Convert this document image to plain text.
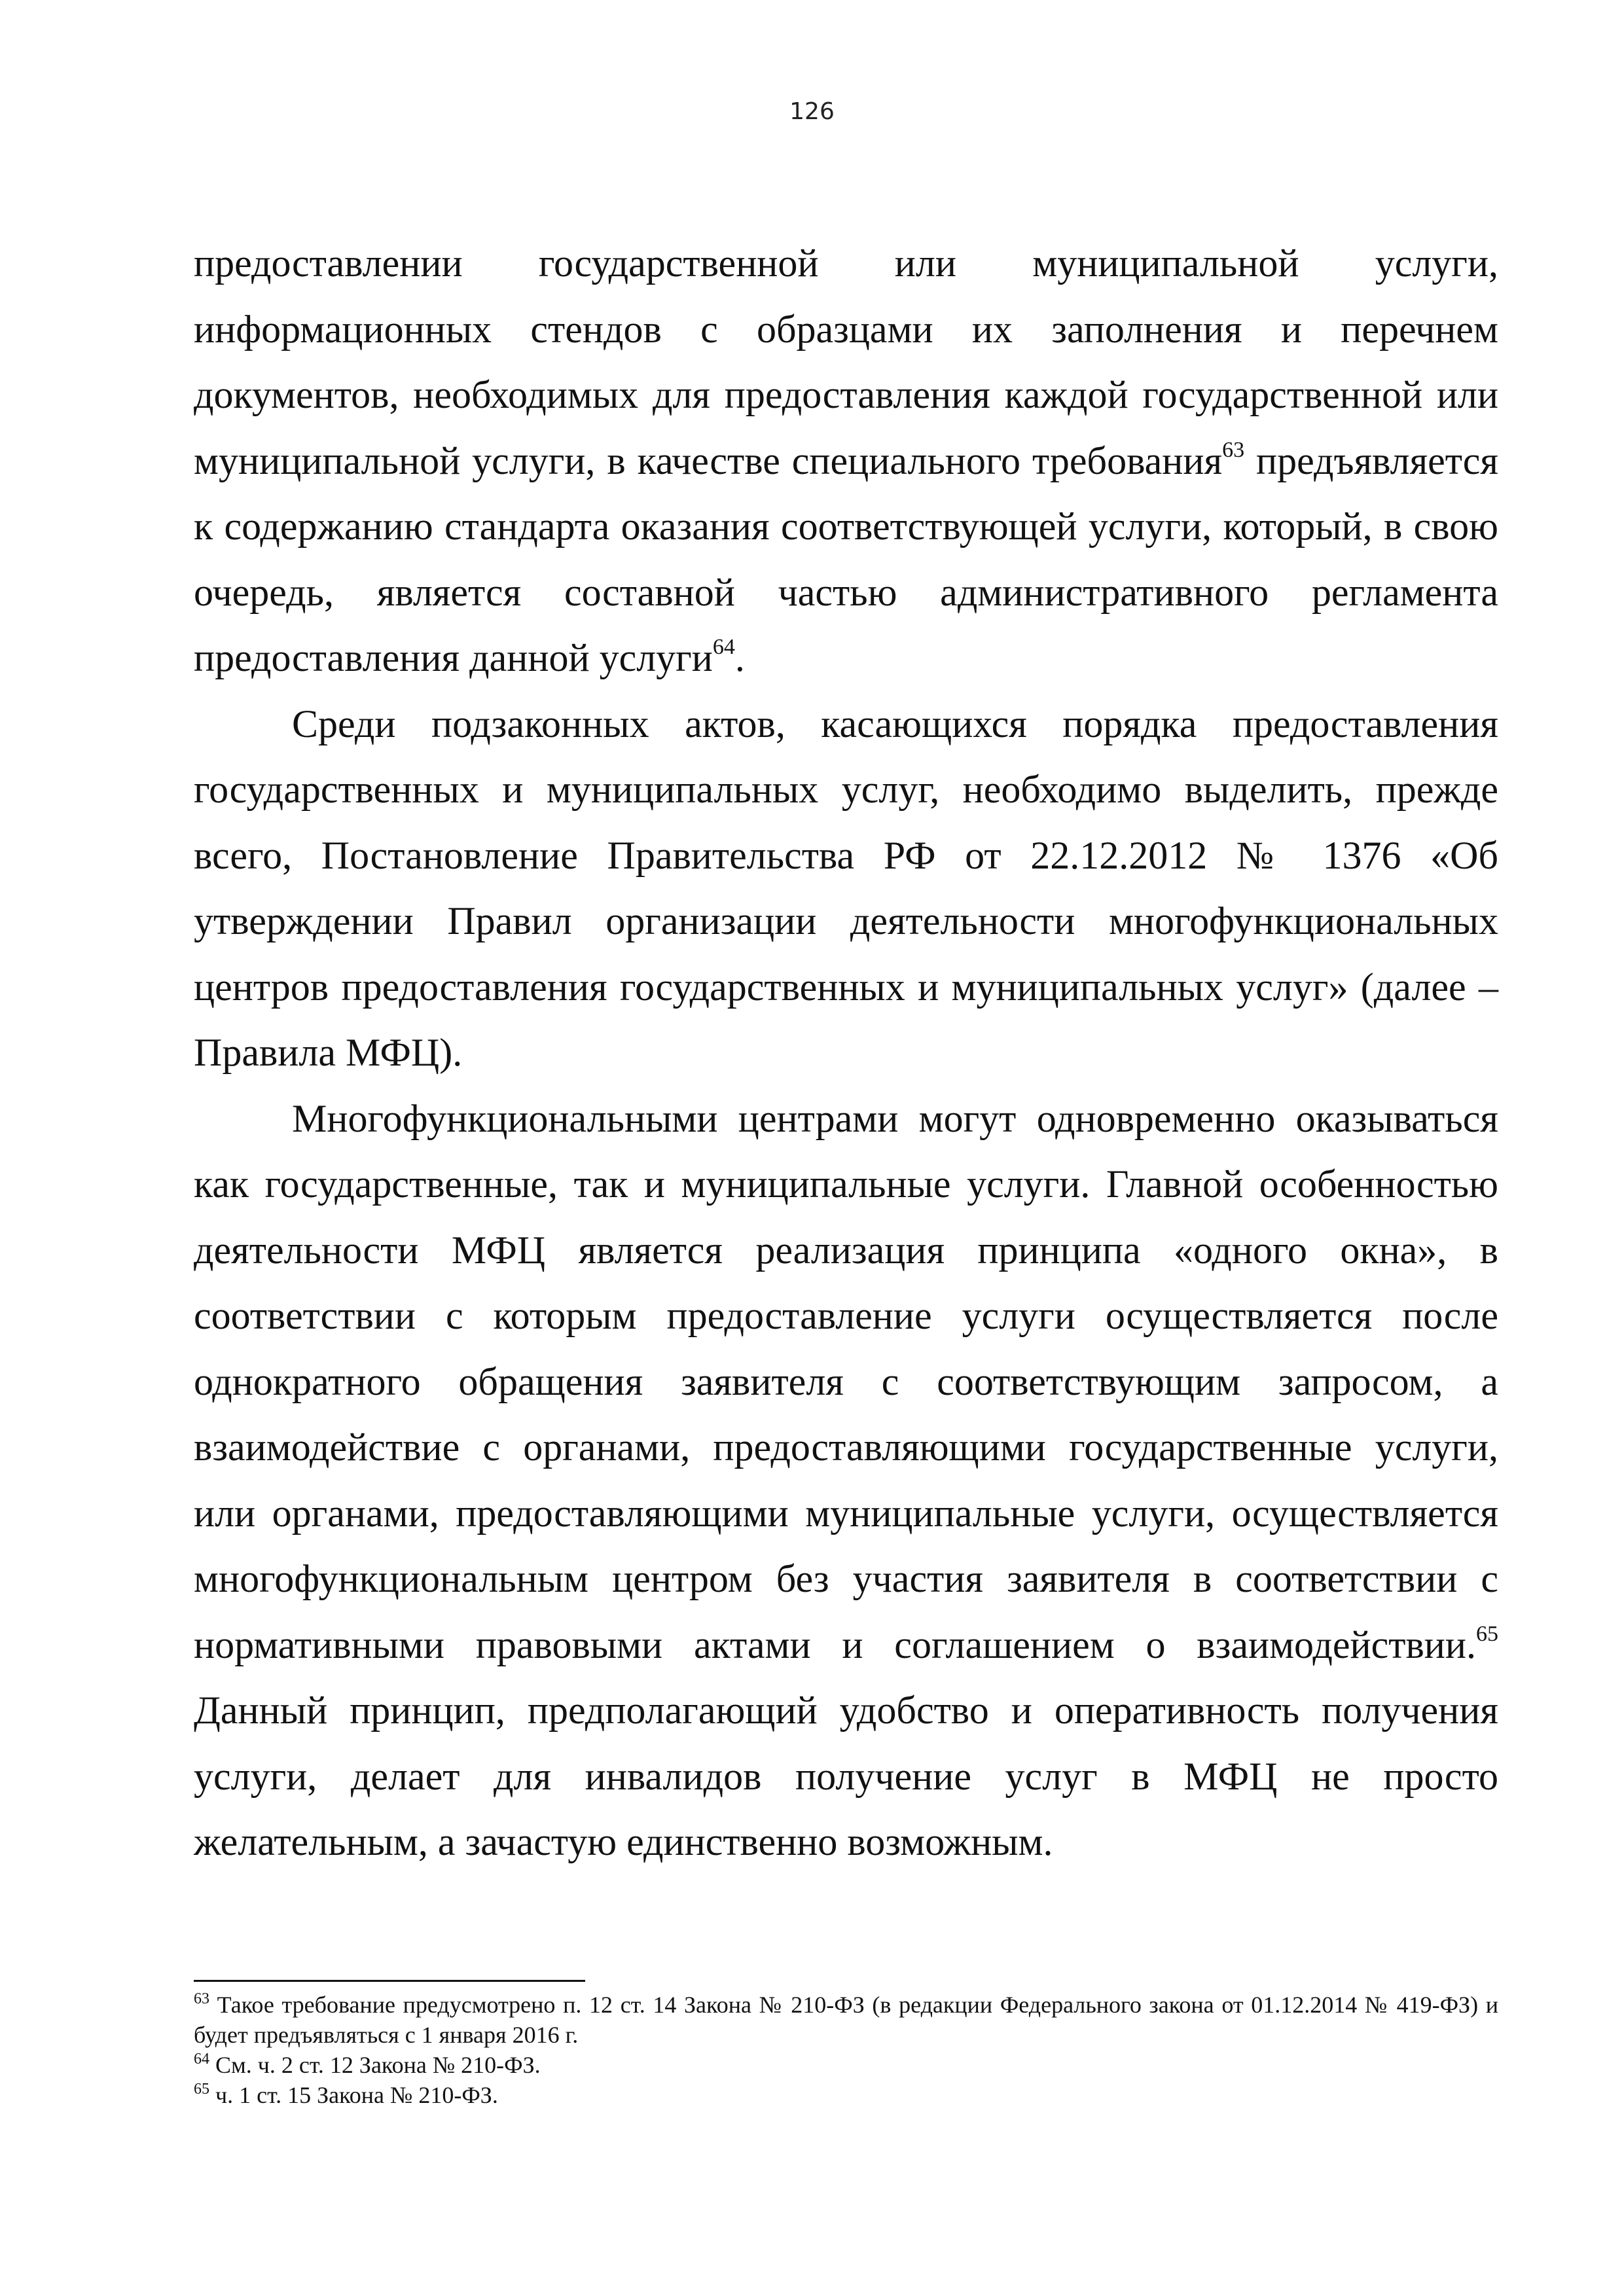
126

предоставлении государственной или муниципальной услуги, информационных стендов с образцами их заполнения и перечнем документов, необходимых для предоставления каждой государственной или муниципальной услуги, в качестве специального требования$^{63}$ предъявляется к содержанию стандарта оказания соответствующей услуги, который, в свою очередь, является составной частью административного регламента предоставления данной услуги$^{64}$.

Среди подзаконных актов, касающихся порядка предоставления государственных и муниципальных услуг, необходимо выделить, прежде всего, Постановление Правительства РФ от 22.12.2012 № 1376 «Об утверждении Правил организации деятельности многофункциональных центров предоставления государственных и муниципальных услуг» (далее – Правила МФЦ).

Многофункциональными центрами могут одновременно оказываться как государственные, так и муниципальные услуги. Главной особенностью деятельности МФЦ является реализация принципа «одного окна», в соответствии с которым предоставление услуги осуществляется после однократного обращения заявителя с соответствующим запросом, а взаимодействие с органами, предоставляющими государственные услуги, или органами, предоставляющими муниципальные услуги, осуществляется многофункциональным центром без участия заявителя в соответствии с нормативными правовыми актами и соглашением о взаимодействии.$^{65}$ Данный принцип, предполагающий удобство и оперативность получения услуги, делает для инвалидов получение услуг в МФЦ не просто желательным, а зачастую единственно возможным.

$^{63}$ Такое требование предусмотрено п. 12 ст. 14 Закона № 210-ФЗ (в редакции Федерального закона от 01.12.2014 № 419-ФЗ) и будет предъявляться с 1 января 2016 г.

$^{64}$ См. ч. 2 ст. 12 Закона № 210-ФЗ.

$^{65}$ ч. 1 ст. 15 Закона № 210-ФЗ.
